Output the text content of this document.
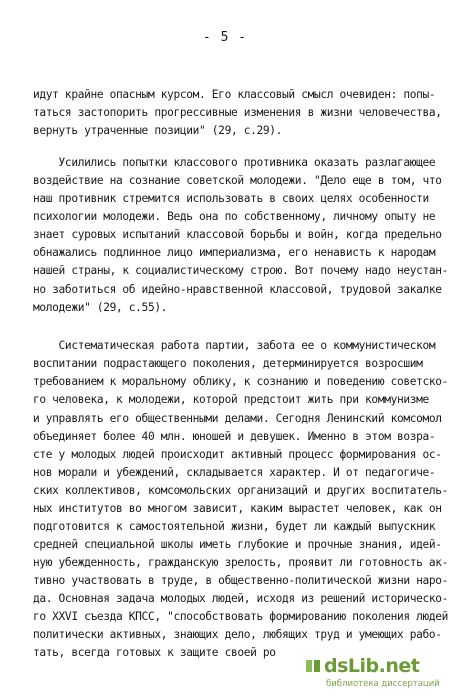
- 5 -
идут крайне опасным курсом. Его классовый смысл очевиден: попы-
таться застопорить прогрессивные изменения в жизни человечества,
вернуть утраченные позиции" (29, с.29).
Усилились попытки классового противника оказать разлагающее
воздействие на сознание советской молодежи. "Дело еще в том, что
наш противник стремится использовать в своих целях особенности
психологии молодежи. Ведь она по собственному, личному опыту не
знает суровых испытаний классовой борьбы и войн, когда предельно
обнажались подлинное лицо империализма, его ненависть к народам
нашей страны, к социалистическому строю. Вот почему надо неустан-
но заботиться об идейно-нравственной классовой, трудовой закалке
молодежи" (29, с.55).
Систематическая работа партии, забота ее о коммунистическом
воспитании подрастающего поколения, детерминируется возросшим
требованием к моральному облику, к сознанию и поведению советско-
го человека, к молодежи, которой предстоит жить при коммунизме
и управлять его общественными делами. Сегодня Ленинский комсомол
объединяет более 40 млн. юношей и девушек. Именно в этом возра-
сте у молодых людей происходит активный процесс формирования ос-
нов морали и убеждений, складывается характер. И от педагогиче-
ских коллективов, комсомольских организаций и других воспитатель-
ных институтов во многом зависит, каким вырастет человек, как он
подготовится к самостоятельной жизни, будет ли каждый выпускник
средней специальной школы иметь глубокие и прочные знания, идей-
ную убежденность, гражданскую зрелость, проявит ли готовность ак-
тивно участвовать в труде, в общественно-политической жизни наро-
да. Основная задача молодых людей, исходя из решений историческо-
го XXVI съезда КПСС, "способствовать формированию поколения людей
политически активных, знающих дело, любящих труд и умеющих рабо-
тать, всегда готовых к защите своей ро
dsLib.net
библиотека диссертаций
